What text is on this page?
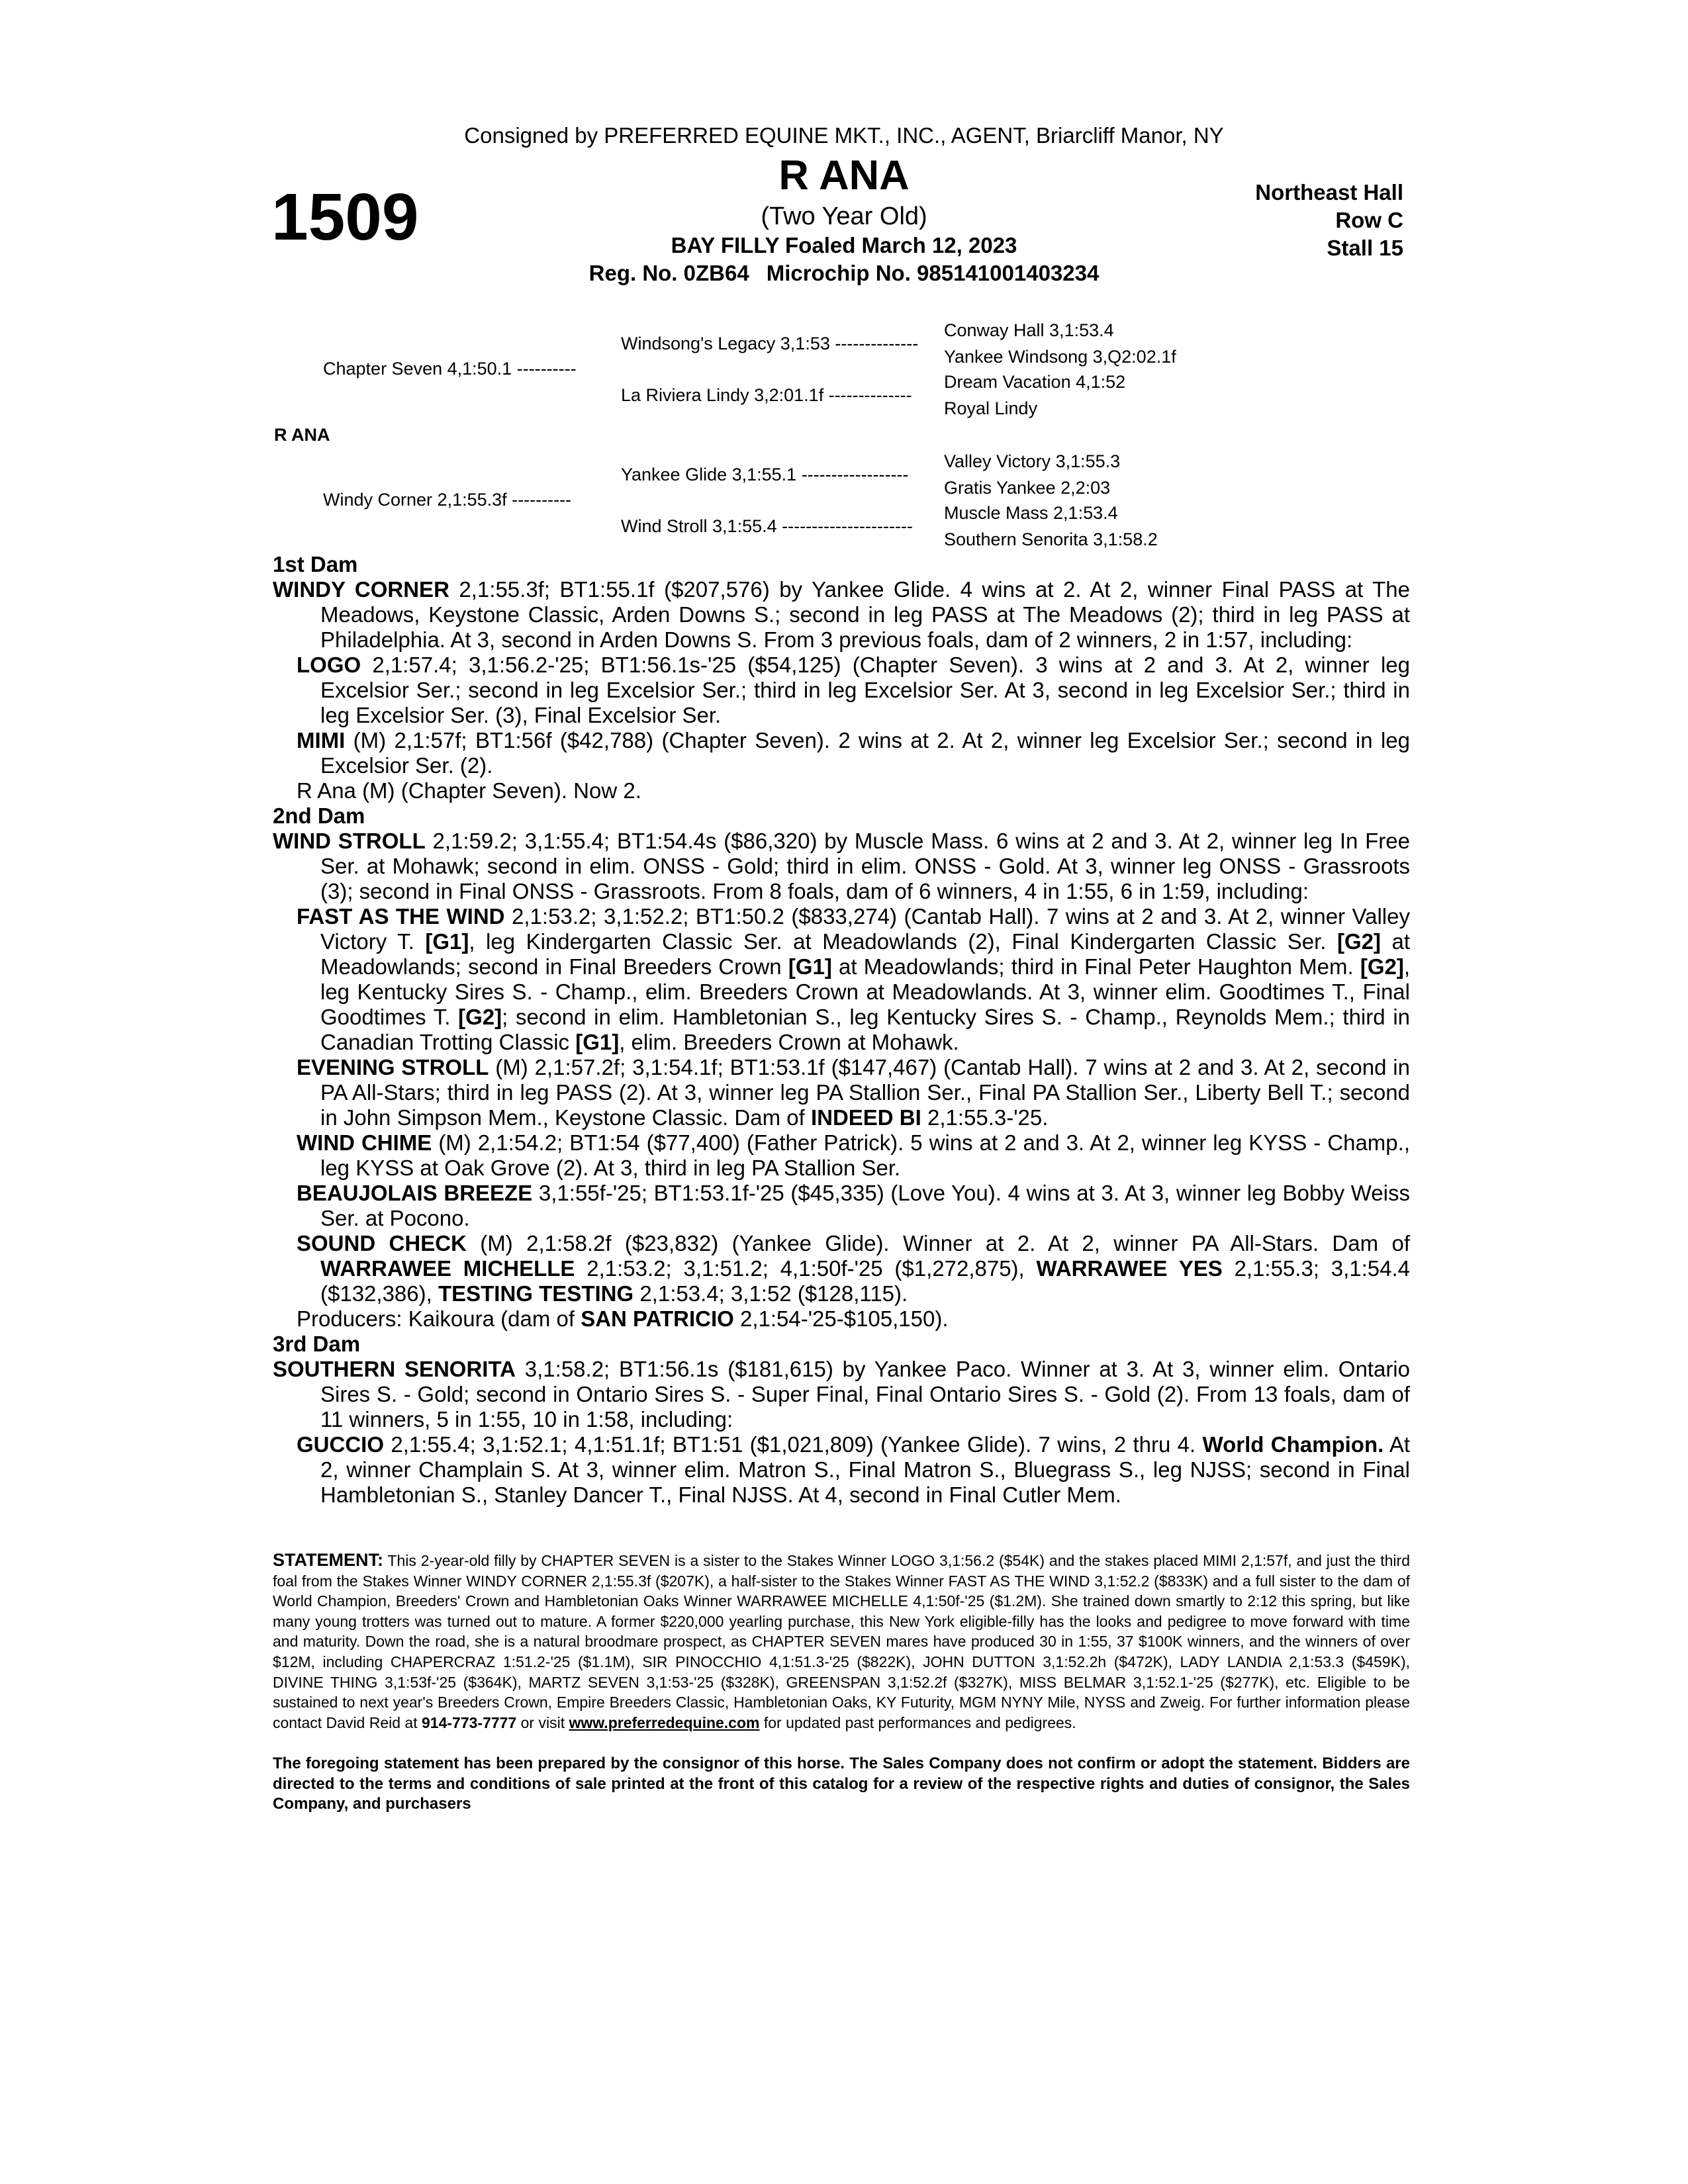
Consigned by PREFERRED EQUINE MKT., INC., AGENT, Briarcliff Manor, NY
1509
R ANA
(Two Year Old)
BAY FILLY Foaled March 12, 2023
Reg. No. 0ZB64 Microchip No. 985141001403234
Northeast Hall
Row C
Stall 15
Conway Hall 3,1:53.4
Yankee Windsong 3,Q2:02.1f
Dream Vacation 4,1:52
Royal Lindy
Valley Victory 3,1:55.3
Gratis Yankee 2,2:03
Muscle Mass 2,1:53.4
Southern Senorita 3,1:58.2
Windsong's Legacy 3,1:53 --------------
La Riviera Lindy 3,2:01.1f --------------
Yankee Glide 3,1:55.1 ------------------
Wind Stroll 3,1:55.4 ----------------------
Chapter Seven 4,1:50.1 ----------
Windy Corner 2,1:55.3f ----------
R ANA

1st Dam

WINDY CORNER 2,1:55.3f; BT1:55.1f ($207,576) by Yankee Glide. 4 wins at 2. At 2, winner Final PASS at The Meadows, Keystone Classic, Arden Downs S.; second in leg PASS at The Meadows (2); third in leg PASS at Philadelphia. At 3, second in Arden Downs S. From 3 previous foals, dam of 2 winners, 2 in 1:57, including:

LOGO 2,1:57.4; 3,1:56.2-'25; BT1:56.1s-'25 ($54,125) (Chapter Seven). 3 wins at 2 and 3. At 2, winner leg Excelsior Ser.; second in leg Excelsior Ser.; third in leg Excelsior Ser. At 3, second in leg Excelsior Ser.; third in leg Excelsior Ser. (3), Final Excelsior Ser.

MIMI (M) 2,1:57f; BT1:56f ($42,788) (Chapter Seven). 2 wins at 2. At 2, winner leg Excelsior Ser.; second in leg Excelsior Ser. (2).

R Ana (M) (Chapter Seven). Now 2.

2nd Dam

WIND STROLL 2,1:59.2; 3,1:55.4; BT1:54.4s ($86,320) by Muscle Mass. 6 wins at 2 and 3. At 2, winner leg In Free Ser. at Mohawk; second in elim. ONSS - Gold; third in elim. ONSS - Gold. At 3, winner leg ONSS - Grassroots (3); second in Final ONSS - Grassroots. From 8 foals, dam of 6 winners, 4 in 1:55, 6 in 1:59, including:

FAST AS THE WIND 2,1:53.2; 3,1:52.2; BT1:50.2 ($833,274) (Cantab Hall). 7 wins at 2 and 3. At 2, winner Valley Victory T. [G1], leg Kindergarten Classic Ser. at Meadowlands (2), Final Kindergarten Classic Ser. [G2] at Meadowlands; second in Final Breeders Crown [G1] at Meadowlands; third in Final Peter Haughton Mem. [G2], leg Kentucky Sires S. - Champ., elim. Breeders Crown at Meadowlands. At 3, winner elim. Goodtimes T., Final Goodtimes T. [G2]; second in elim. Hambletonian S., leg Kentucky Sires S. - Champ., Reynolds Mem.; third in Canadian Trotting Classic [G1], elim. Breeders Crown at Mohawk.

EVENING STROLL (M) 2,1:57.2f; 3,1:54.1f; BT1:53.1f ($147,467) (Cantab Hall). 7 wins at 2 and 3. At 2, second in PA All-Stars; third in leg PASS (2). At 3, winner leg PA Stallion Ser., Final PA Stallion Ser., Liberty Bell T.; second in John Simpson Mem., Keystone Classic. Dam of INDEED BI 2,1:55.3-'25.

WIND CHIME (M) 2,1:54.2; BT1:54 ($77,400) (Father Patrick). 5 wins at 2 and 3. At 2, winner leg KYSS - Champ., leg KYSS at Oak Grove (2). At 3, third in leg PA Stallion Ser.

BEAUJOLAIS BREEZE 3,1:55f-'25; BT1:53.1f-'25 ($45,335) (Love You). 4 wins at 3. At 3, winner leg Bobby Weiss Ser. at Pocono.

SOUND CHECK (M) 2,1:58.2f ($23,832) (Yankee Glide). Winner at 2. At 2, winner PA All-Stars. Dam of WARRAWEE MICHELLE 2,1:53.2; 3,1:51.2; 4,1:50f-'25 ($1,272,875), WARRAWEE YES 2,1:55.3; 3,1:54.4 ($132,386), TESTING TESTING 2,1:53.4; 3,1:52 ($128,115).

Producers: Kaikoura (dam of SAN PATRICIO 2,1:54-'25-$105,150).

3rd Dam

SOUTHERN SENORITA 3,1:58.2; BT1:56.1s ($181,615) by Yankee Paco. Winner at 3. At 3, winner elim. Ontario Sires S. - Gold; second in Ontario Sires S. - Super Final, Final Ontario Sires S. - Gold (2). From 13 foals, dam of 11 winners, 5 in 1:55, 10 in 1:58, including:

GUCCIO 2,1:55.4; 3,1:52.1; 4,1:51.1f; BT1:51 ($1,021,809) (Yankee Glide). 7 wins, 2 thru 4. World Champion. At 2, winner Champlain S. At 3, winner elim. Matron S., Final Matron S., Bluegrass S., leg NJSS; second in Final Hambletonian S., Stanley Dancer T., Final NJSS. At 4, second in Final Cutler Mem.

STATEMENT: This 2-year-old filly by CHAPTER SEVEN is a sister to the Stakes Winner LOGO 3,1:56.2 ($54K) and the stakes placed MIMI 2,1:57f, and just the third foal from the Stakes Winner WINDY CORNER 2,1:55.3f ($207K), a half-sister to the Stakes Winner FAST AS THE WIND 3,1:52.2 ($833K) and a full sister to the dam of World Champion, Breeders' Crown and Hambletonian Oaks Winner WARRAWEE MICHELLE 4,1:50f-'25 ($1.2M). She trained down smartly to 2:12 this spring, but like many young trotters was turned out to mature. A former $220,000 yearling purchase, this New York eligible-filly has the looks and pedigree to move forward with time and maturity. Down the road, she is a natural broodmare prospect, as CHAPTER SEVEN mares have produced 30 in 1:55, 37 $100K winners, and the winners of over $12M, including CHAPERCRAZ 1:51.2-'25 ($1.1M), SIR PINOCCHIO 4,1:51.3-'25 ($822K), JOHN DUTTON 3,1:52.2h ($472K), LADY LANDIA 2,1:53.3 ($459K), DIVINE THING 3,1:53f-'25 ($364K), MARTZ SEVEN 3,1:53-'25 ($328K), GREENSPAN 3,1:52.2f ($327K), MISS BELMAR 3,1:52.1-'25 ($277K), etc. Eligible to be sustained to next year's Breeders Crown, Empire Breeders Classic, Hambletonian Oaks, KY Futurity, MGM NYNY Mile, NYSS and Zweig. For further information please contact David Reid at 914-773-7777 or visit www.preferredequine.com for updated past performances and pedigrees.
The foregoing statement has been prepared by the consignor of this horse. The Sales Company does not confirm or adopt the statement. Bidders are directed to the terms and conditions of sale printed at the front of this catalog for a review of the respective rights and duties of consignor, the Sales Company, and purchasers
